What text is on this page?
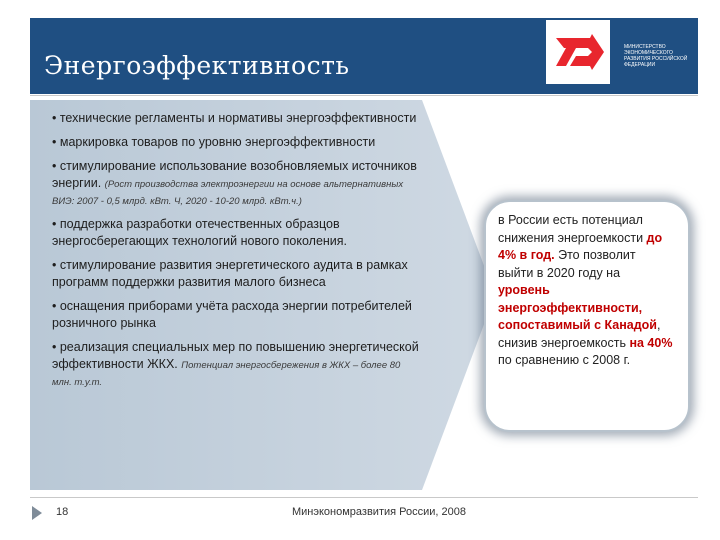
Энергоэффективность
МИНИСТЕРСТВО ЭКОНОМИЧЕСКОГО РАЗВИТИЯ РОССИЙСКОЙ ФЕДЕРАЦИИ
• технические регламенты и нормативы энергоэффективности
• маркировка товаров по уровню энергоэффективности
• стимулирование использование возобновляемых источников энергии. (Рост производства электроэнергии на основе альтернативных ВИЭ: 2007 - 0,5 млрд. кВт. Ч, 2020 - 10-20 млрд. кВт.ч.)
• поддержка разработки отечественных образцов энергосберегающих технологий нового поколения.
• стимулирование развития энергетического аудита в рамках программ поддержки развития малого бизнеса
• оснащения приборами учёта расхода энергии потребителей розничного рынка
• реализация специальных мер по повышению энергетической эффективности ЖКХ. Потенциал энергосбережения в ЖКХ – более 80 млн. т.у.т.
в России есть потенциал снижения энергоемкости до 4% в год. Это позволит выйти в 2020 году на уровень энергоэффективности, сопоставимый с Канадой, снизив энергоемкость на 40% по сравнению с 2008 г.
18	Минэкономразвития России, 2008
